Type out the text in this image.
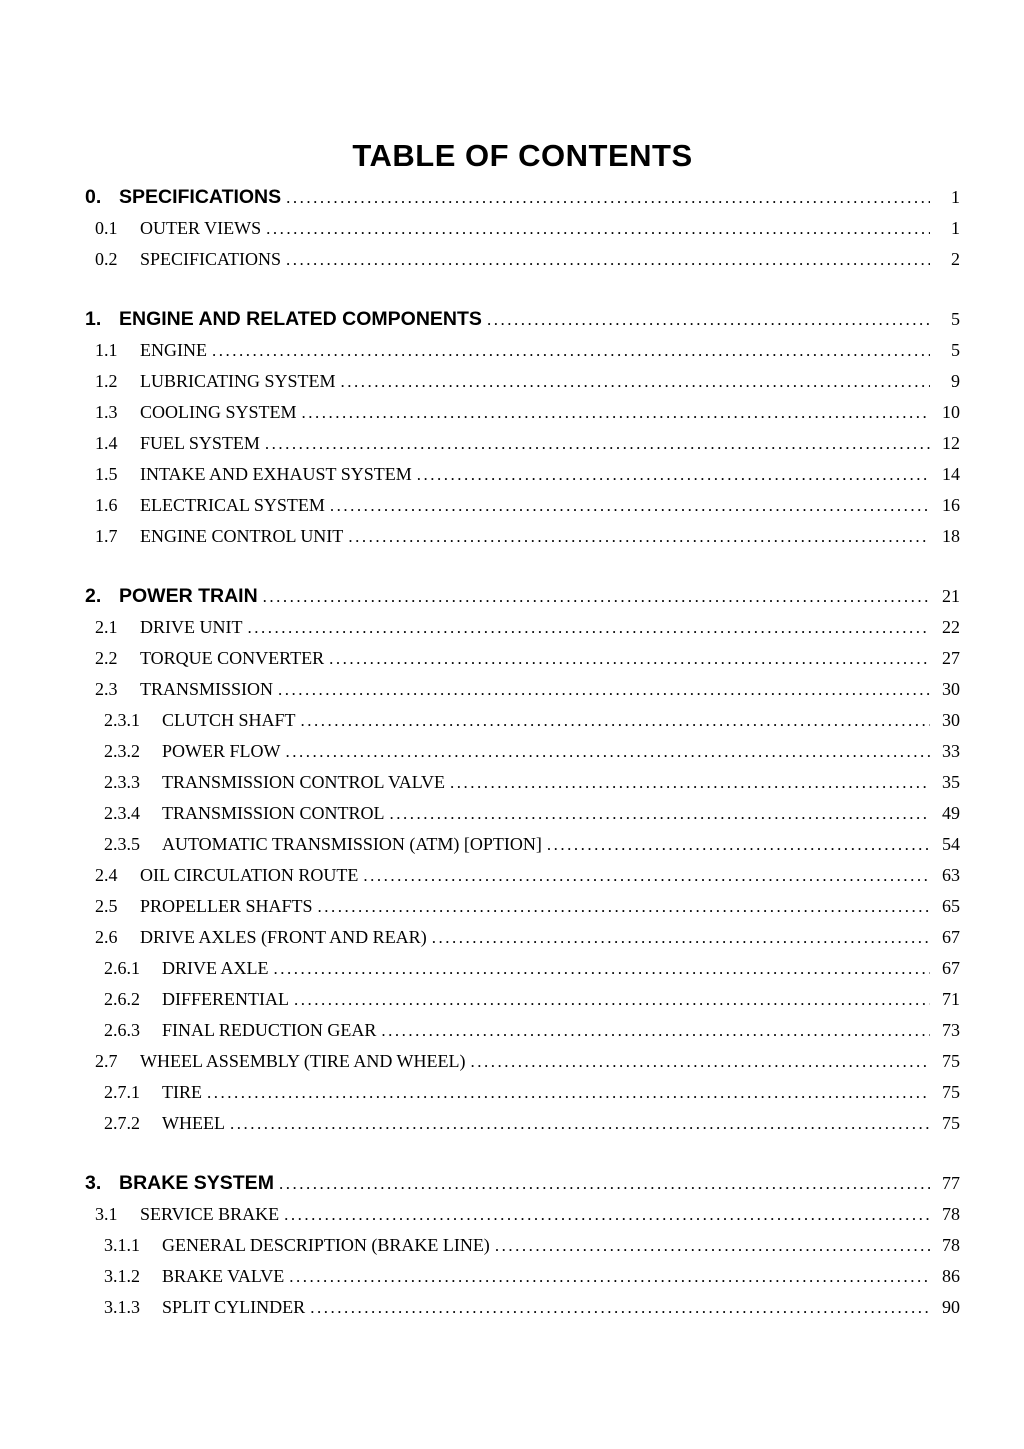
TABLE OF CONTENTS
0. SPECIFICATIONS .....	1
0.1	OUTER VIEWS .....	1
0.2	SPECIFICATIONS .....	2
1. ENGINE AND RELATED COMPONENTS .....	5
1.1	ENGINE .....	5
1.2	LUBRICATING SYSTEM .....	9
1.3	COOLING SYSTEM .....	10
1.4	FUEL SYSTEM .....	12
1.5	INTAKE AND EXHAUST SYSTEM .....	14
1.6	ELECTRICAL SYSTEM .....	16
1.7	ENGINE CONTROL UNIT .....	18
2. POWER TRAIN .....	21
2.1	DRIVE UNIT .....	22
2.2	TORQUE CONVERTER .....	27
2.3	TRANSMISSION .....	30
2.3.1	CLUTCH SHAFT .....	30
2.3.2	POWER FLOW .....	33
2.3.3	TRANSMISSION CONTROL VALVE .....	35
2.3.4	TRANSMISSION CONTROL .....	49
2.3.5	AUTOMATIC TRANSMISSION (ATM) [OPTION] .....	54
2.4	OIL CIRCULATION ROUTE .....	63
2.5	PROPELLER SHAFTS .....	65
2.6	DRIVE AXLES (FRONT AND REAR) .....	67
2.6.1	DRIVE AXLE .....	67
2.6.2	DIFFERENTIAL .....	71
2.6.3	FINAL REDUCTION GEAR .....	73
2.7	WHEEL ASSEMBLY (TIRE AND WHEEL) .....	75
2.7.1	TIRE .....	75
2.7.2	WHEEL .....	75
3. BRAKE SYSTEM .....	77
3.1	SERVICE BRAKE .....	78
3.1.1	GENERAL DESCRIPTION (BRAKE LINE) .....	78
3.1.2	BRAKE VALVE .....	86
3.1.3	SPLIT CYLINDER .....	90
